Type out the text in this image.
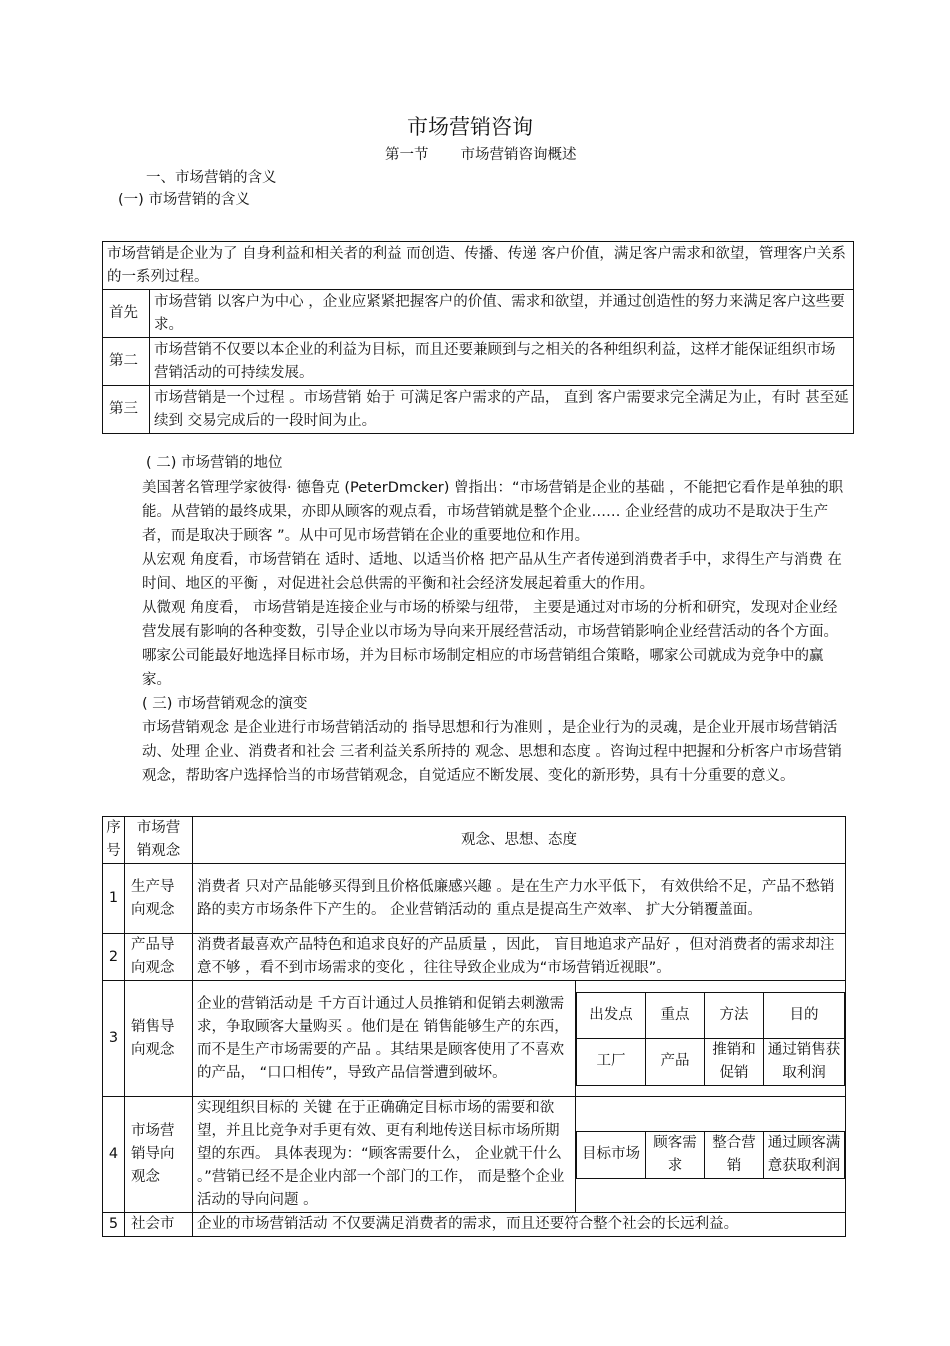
市场营销咨询
第一节 市场营销咨询概述
一、市场营销的含义
(一) 市场营销的含义
市场营销是企业为了 自身利益和相关者的利益 而创造、传播、传递 客户价值，满足客户需求和欲望，管理客户关系 的一系列过程。	
首先	市场营销 以客户为中心 ，企业应紧紧把握客户的价值、需求和欲望，并通过创造性的努力来满足客户这些要求。
第二	市场营销不仅要以本企业的利益为目标，而且还要兼顾到与之相关的各种组织利益，这样才能保证组织市场营销活动的可持续发展。
第三	市场营销是一个过程 。市场营销 始于 可满足客户需求的产品， 直到 客户需要求完全满足为止，有时 甚至延续到 交易完成后的一段时间为止。
( 二) 市场营销的地位
美国著名管理学家彼得· 德鲁克 (PeterDmcker) 曾指出：“市场营销是企业的基础 ，不能把它看作是单独的职能。从营销的最终成果，亦即从顾客的观点看，市场营销就是整个企业…… 企业经营的成功不是取决于生产者，而是取决于顾客 ”。从中可见市场营销在企业的重要地位和作用。
从宏观 角度看，市场营销在 适时、适地、以适当价格 把产品从生产者传递到消费者手中，求得生产与消费 在时间、地区的平衡 ，对促进社会总供需的平衡和社会经济发展起着重大的作用。
从微观 角度看， 市场营销是连接企业与市场的桥梁与纽带， 主要是通过对市场的分析和研究，发现对企业经营发展有影响的各种变数，引导企业以市场为导向来开展经营活动，市场营销影响企业经营活动的各个方面。
哪家公司能最好地选择目标市场，并为目标市场制定相应的市场营销组合策略，哪家公司就成为竞争中的赢家。
( 三) 市场营销观念的演变
市场营销观念 是企业进行市场营销活动的 指导思想和行为准则 ，是企业行为的灵魂，是企业开展市场营销活动、处理 企业、消费者和社会 三者利益关系所持的 观念、思想和态度 。咨询过程中把握和分析客户市场营销观念，帮助客户选择恰当的市场营销观念，自觉适应不断发展、变化的新形势，具有十分重要的意义。
序号	市场营销观念	观念、思想、态度
1	生产导向观念	消费者 只对产品能够买得到且价格低廉感兴趣 。是在生产力水平低下， 有效供给不足，产品不愁销路的卖方市场条件下产生的。 企业营销活动的 重点是提高生产效率、 扩大分销覆盖面。
2	产品导向观念	消费者最喜欢产品特色和追求良好的产品质量 ，因此， 盲目地追求产品好 ，但对消费者的需求却注意不够 ，看不到市场需求的变化 ，往往导致企业成为“市场营销近视眼”。
3	销售导向观念	企业的营销活动是 千方百计通过人员推销和促销去刺激需求，争取顾客大量购买 。他们是在 销售能够生产的东西，而不是生产市场需要的产品 。其结果是顾客使用了不喜欢的产品， “口口相传”，导致产品信誉遭到破坏。	
出发点	重点	方法	目的
工厂	产品	推销和促销	通过销售获取利润

4	市场营销导向观念	实现组织目标的 关键 在于正确确定目标市场的需要和欲望，并且比竞争对手更有效、更有利地传送目标市场所期望的东西。 具体表现为：“顾客需要什么， 企业就干什么 。”营销已经不是企业内部一个部门的工作， 而是整个企业活动的导向问题 。	
目标市场	顾客需求	整合营销	通过顾客满意获取利润

5	社会市	企业的市场营销活动 不仅要满足消费者的需求，而且还要符合整个社会的长远利益。
